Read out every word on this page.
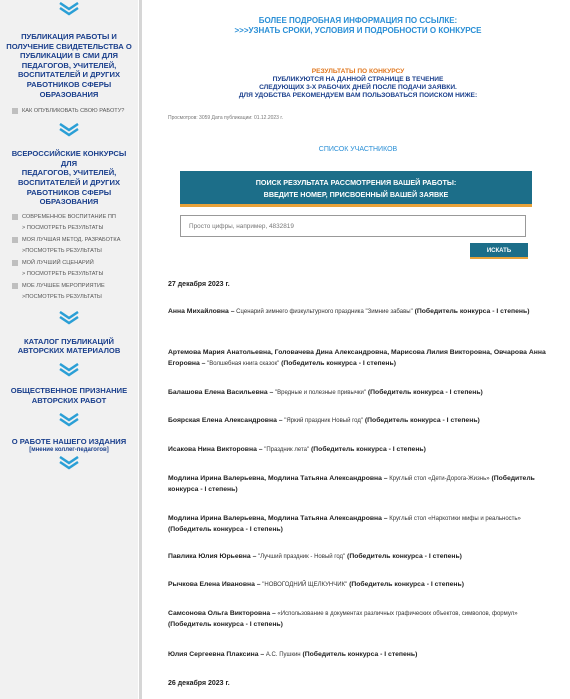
ПУБЛИКАЦИЯ РАБОТЫ И
ПОЛУЧЕНИЕ СВИДЕТЕЛЬСТВА О
ПУБЛИКАЦИИ В СМИ ДЛЯ
ПЕДАГОГОВ, УЧИТЕЛЕЙ,
ВОСПИТАТЕЛЕЙ И ДРУГИХ
РАБОТНИКОВ СФЕРЫ
ОБРАЗОВАНИЯ
КАК ОПУБЛИКОВАТЬ СВОЮ РАБОТУ?
ВСЕРОССИЙСКИЕ КОНКУРСЫ ДЛЯ
ПЕДАГОГОВ, УЧИТЕЛЕЙ,
ВОСПИТАТЕЛЕЙ И ДРУГИХ
РАБОТНИКОВ СФЕРЫ
ОБРАЗОВАНИЯ
СОВРЕМЕННОЕ ВОСПИТАНИЕ ПП
> ПОСМОТРЕТЬ РЕЗУЛЬТАТЫ
МОЯ ЛУЧШАЯ МЕТОД. РАЗРАБОТКА
>ПОСМОТРЕТЬ РЕЗУЛЬТАТЫ
МОЙ ЛУЧШИЙ СЦЕНАРИЙ
> ПОСМОТРЕТЬ РЕЗУЛЬТАТЫ
МОЕ ЛУЧШЕЕ МЕРОПРИЯТИЕ
>ПОСМОТРЕТЬ РЕЗУЛЬТАТЫ
КАТАЛОГ ПУБЛИКАЦИЙ
АВТОРСКИХ МАТЕРИАЛОВ
ОБЩЕСТВЕННОЕ ПРИЗНАНИЕ
АВТОРСКИХ РАБОТ
О РАБОТЕ НАШЕГО ИЗДАНИЯ
[мнение коллег-педагогов]
БОЛЕЕ ПОДРОБНАЯ ИНФОРМАЦИЯ ПО ССЫЛКЕ:
>>>УЗНАТЬ СРОКИ, УСЛОВИЯ И ПОДРОБНОСТИ О КОНКУРСЕ
РЕЗУЛЬТАТЫ ПО КОНКУРСУ
ПУБЛИКУЮТСЯ НА ДАННОЙ СТРАНИЦЕ В ТЕЧЕНИЕ
СЛЕДУЮЩИХ 3-Х РАБОЧИХ ДНЕЙ ПОСЛЕ ПОДАЧИ ЗАЯВКИ.
ДЛЯ УДОБСТВА РЕКОМЕНДУЕМ ВАМ ПОЛЬЗОВАТЬСЯ ПОИСКОМ НИЖЕ:
Просмотров: 3059 Дата публикации: 01.12.2023 г.
СПИСОК УЧАСТНИКОВ
ПОИСК РЕЗУЛЬТАТА РАССМОТРЕНИЯ ВАШЕЙ РАБОТЫ:
ВВЕДИТЕ НОМЕР, ПРИСВОЕННЫЙ ВАШЕЙ ЗАЯВКЕ
Просто цифры, например, 4832819
ИСКАТЬ
27 декабря 2023 г.
Анна Михайловна – Сценарий зимнего физкультурного праздника "Зимние забавы" (Победитель конкурса - I степень)
Артемова Мария Анатольевна, Головачева Дина Александровна, Марисова Лилия Викторовна, Овчарова Анна Егоровна – "Волшебная книга сказок" (Победитель конкурса - I степень)
Балашова Елена Васильевна – "Вредные и полезные привычки" (Победитель конкурса - I степень)
Боярская Елена Александровна – "Яркий праздник Новый год" (Победитель конкурса - I степень)
Исакова Нина Викторовна – "Праздник лета" (Победитель конкурса - I степень)
Модлина Ирина Валерьевна, Модлина Татьяна Александровна – Круглый стол «Дети-Дорога-Жизнь» (Победитель конкурса - I степень)
Модлина Ирина Валерьевна, Модлина Татьяна Александровна – Круглый стол «Наркотики мифы и реальность» (Победитель конкурса - I степень)
Павлика Юлия Юрьевна – "Лучший праздник - Новый год" (Победитель конкурса - I степень)
Рычкова Елена Ивановна – "НОВОГОДНИЙ ЩЕЛКУНЧИК" (Победитель конкурса - I степень)
Самсонова Ольга Викторовна – «Использование в документах различных графических объектов, символов, формул» (Победитель конкурса - I степень)
Юлия Сергеевна Плаксина – А.С. Пушкин (Победитель конкурса - I степень)
26 декабря 2023 г.
